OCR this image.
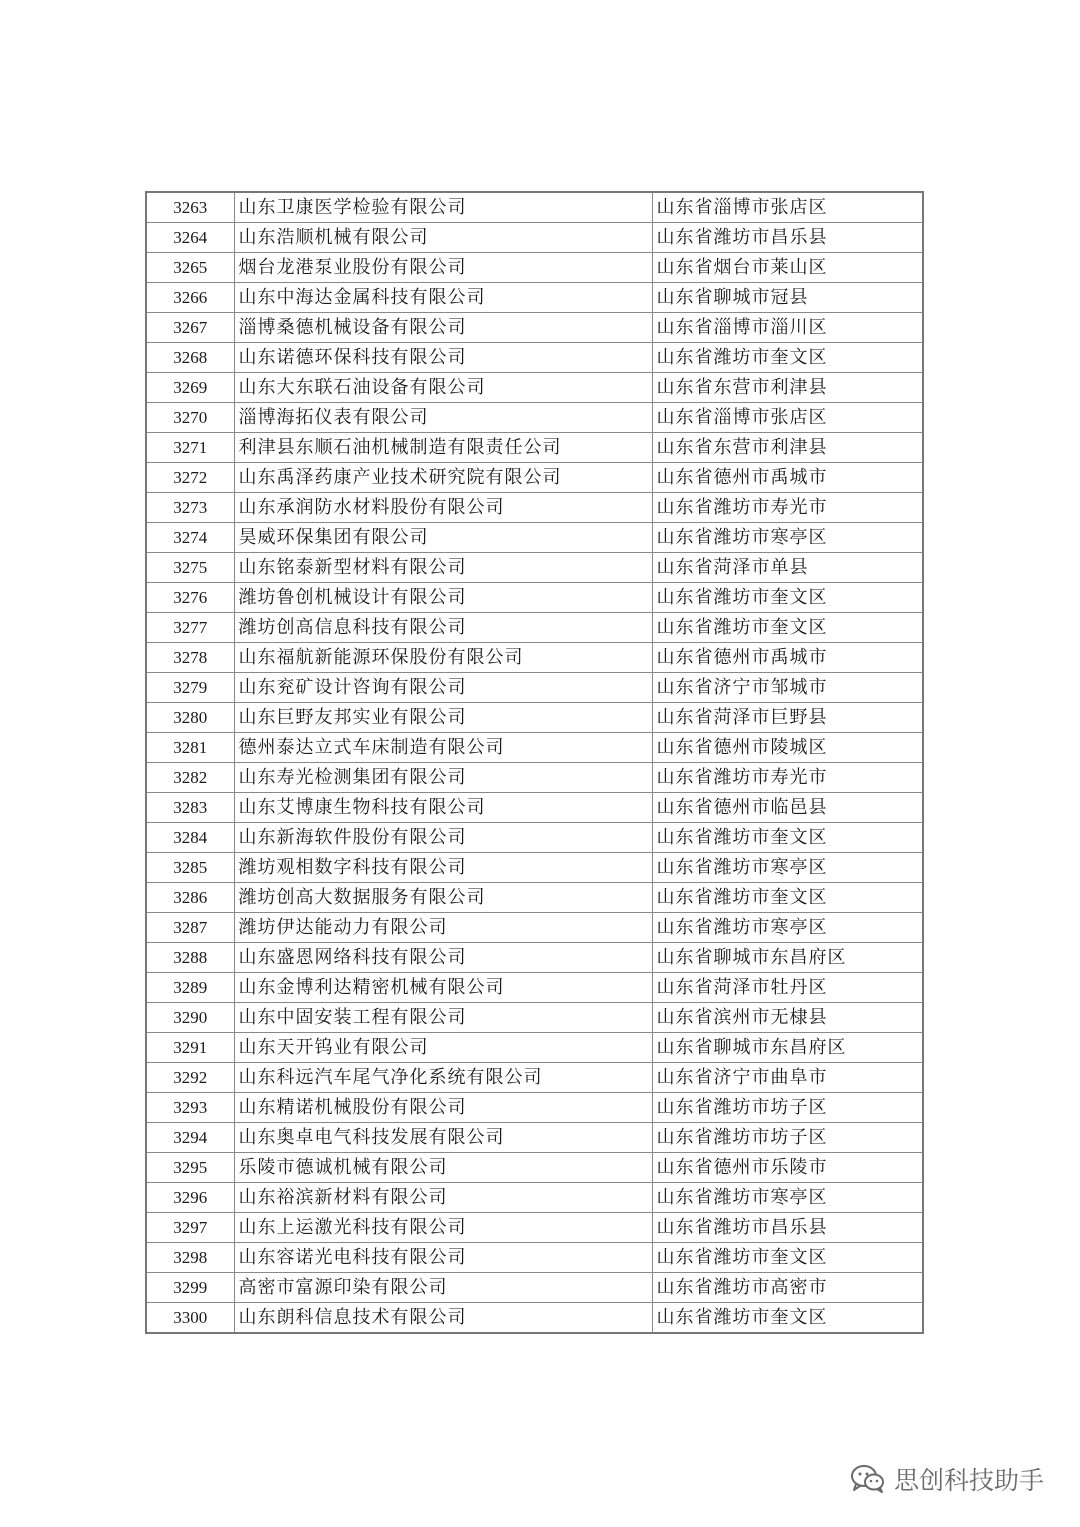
3263	山东卫康医学检验有限公司	山东省淄博市张店区
3264	山东浩顺机械有限公司	山东省潍坊市昌乐县
3265	烟台龙港泵业股份有限公司	山东省烟台市莱山区
3266	山东中海达金属科技有限公司	山东省聊城市冠县
3267	淄博桑德机械设备有限公司	山东省淄博市淄川区
3268	山东诺德环保科技有限公司	山东省潍坊市奎文区
3269	山东大东联石油设备有限公司	山东省东营市利津县
3270	淄博海拓仪表有限公司	山东省淄博市张店区
3271	利津县东顺石油机械制造有限责任公司	山东省东营市利津县
3272	山东禹泽药康产业技术研究院有限公司	山东省德州市禹城市
3273	山东承润防水材料股份有限公司	山东省潍坊市寿光市
3274	昊威环保集团有限公司	山东省潍坊市寒亭区
3275	山东铭泰新型材料有限公司	山东省菏泽市单县
3276	潍坊鲁创机械设计有限公司	山东省潍坊市奎文区
3277	潍坊创高信息科技有限公司	山东省潍坊市奎文区
3278	山东福航新能源环保股份有限公司	山东省德州市禹城市
3279	山东兖矿设计咨询有限公司	山东省济宁市邹城市
3280	山东巨野友邦实业有限公司	山东省菏泽市巨野县
3281	德州泰达立式车床制造有限公司	山东省德州市陵城区
3282	山东寿光检测集团有限公司	山东省潍坊市寿光市
3283	山东艾博康生物科技有限公司	山东省德州市临邑县
3284	山东新海软件股份有限公司	山东省潍坊市奎文区
3285	潍坊观相数字科技有限公司	山东省潍坊市寒亭区
3286	潍坊创高大数据服务有限公司	山东省潍坊市奎文区
3287	潍坊伊达能动力有限公司	山东省潍坊市寒亭区
3288	山东盛恩网络科技有限公司	山东省聊城市东昌府区
3289	山东金博利达精密机械有限公司	山东省菏泽市牡丹区
3290	山东中固安装工程有限公司	山东省滨州市无棣县
3291	山东天开钨业有限公司	山东省聊城市东昌府区
3292	山东科远汽车尾气净化系统有限公司	山东省济宁市曲阜市
3293	山东精诺机械股份有限公司	山东省潍坊市坊子区
3294	山东奥卓电气科技发展有限公司	山东省潍坊市坊子区
3295	乐陵市德诚机械有限公司	山东省德州市乐陵市
3296	山东裕滨新材料有限公司	山东省潍坊市寒亭区
3297	山东上运激光科技有限公司	山东省潍坊市昌乐县
3298	山东容诺光电科技有限公司	山东省潍坊市奎文区
3299	高密市富源印染有限公司	山东省潍坊市高密市
3300	山东朗科信息技术有限公司	山东省潍坊市奎文区
思创科技助手
